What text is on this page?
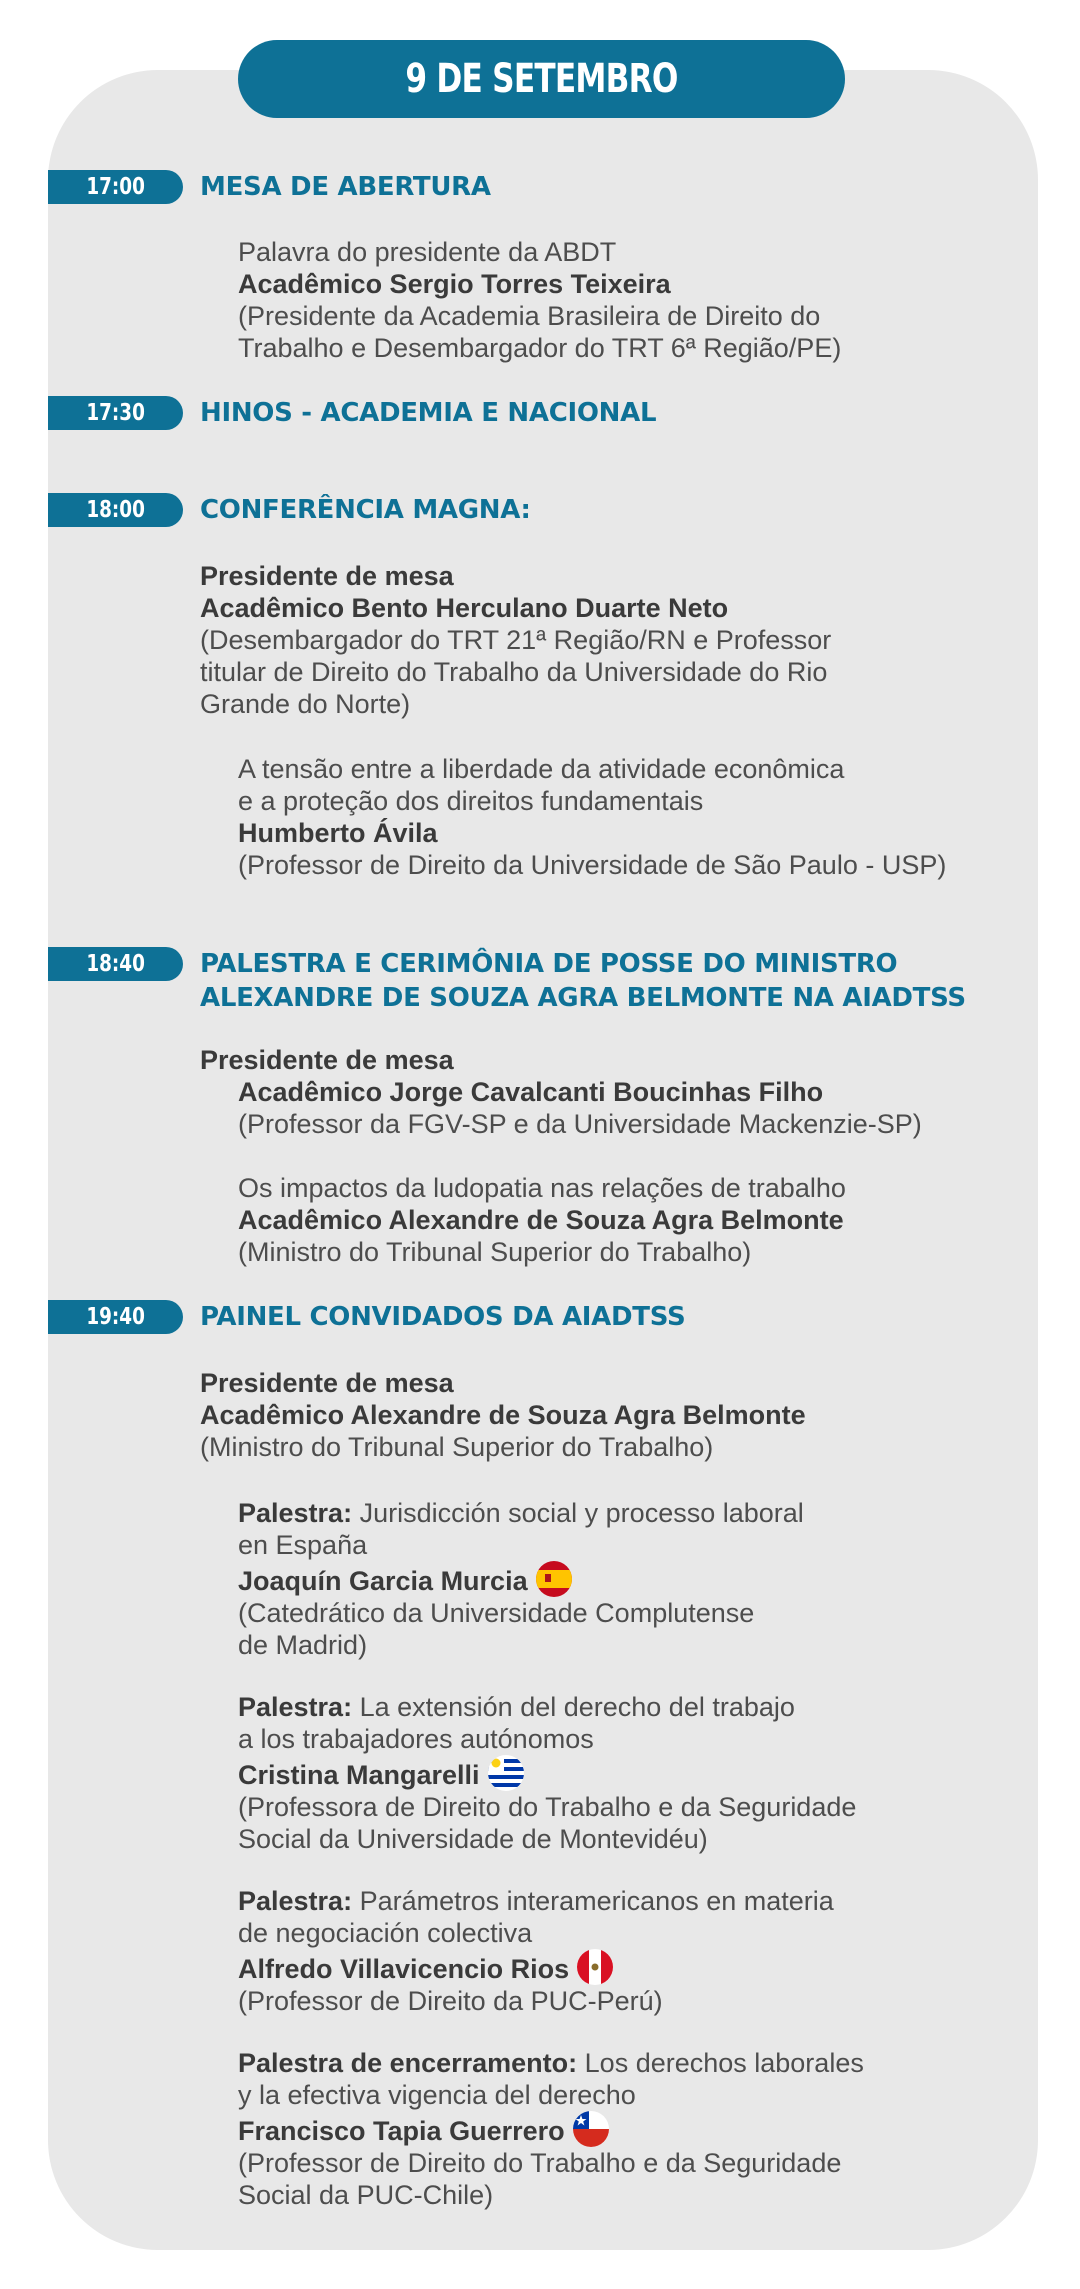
9 DE SETEMBRO
17:00 MESA DE ABERTURA
Palavra do presidente da ABDT
Acadêmico Sergio Torres Teixeira
(Presidente da Academia Brasileira de Direito do
Trabalho e Desembargador do TRT 6ª Região/PE)
17:30 HINOS - ACADEMIA E NACIONAL
18:00 CONFERÊNCIA MAGNA:
Presidente de mesa
Acadêmico Bento Herculano Duarte Neto
(Desembargador do TRT 21ª Região/RN e Professor
titular de Direito do Trabalho da Universidade do Rio
Grande do Norte)
A tensão entre a liberdade da atividade econômica
e a proteção dos direitos fundamentais
Humberto Ávila
(Professor de Direito da Universidade de São Paulo - USP)
18:40 PALESTRA E CERIMÔNIA DE POSSE DO MINISTRO
ALEXANDRE DE SOUZA AGRA BELMONTE NA AIADTSS
Presidente de mesa
Acadêmico Jorge Cavalcanti Boucinhas Filho
(Professor da FGV-SP e da Universidade Mackenzie-SP)
Os impactos da ludopatia nas relações de trabalho
Acadêmico Alexandre de Souza Agra Belmonte
(Ministro do Tribunal Superior do Trabalho)
19:40 PAINEL CONVIDADOS DA AIADTSS
Presidente de mesa
Acadêmico Alexandre de Souza Agra Belmonte
(Ministro do Tribunal Superior do Trabalho)
Palestra: Jurisdicción social y processo laboral
en España
Joaquín Garcia Murcia
(Catedrático da Universidade Complutense
de Madrid)
Palestra: La extensión del derecho del trabajo
a los trabajadores autónomos
Cristina Mangarelli
(Professora de Direito do Trabalho e da Seguridade
Social da Universidade de Montevidéu)
Palestra: Parámetros interamericanos en materia
de negociación colectiva
Alfredo Villavicencio Rios
(Professor de Direito da PUC-Perú)
Palestra de encerramento: Los derechos laborales
y la efectiva vigencia del derecho
Francisco Tapia Guerrero
(Professor de Direito do Trabalho e da Seguridade
Social da PUC-Chile)
